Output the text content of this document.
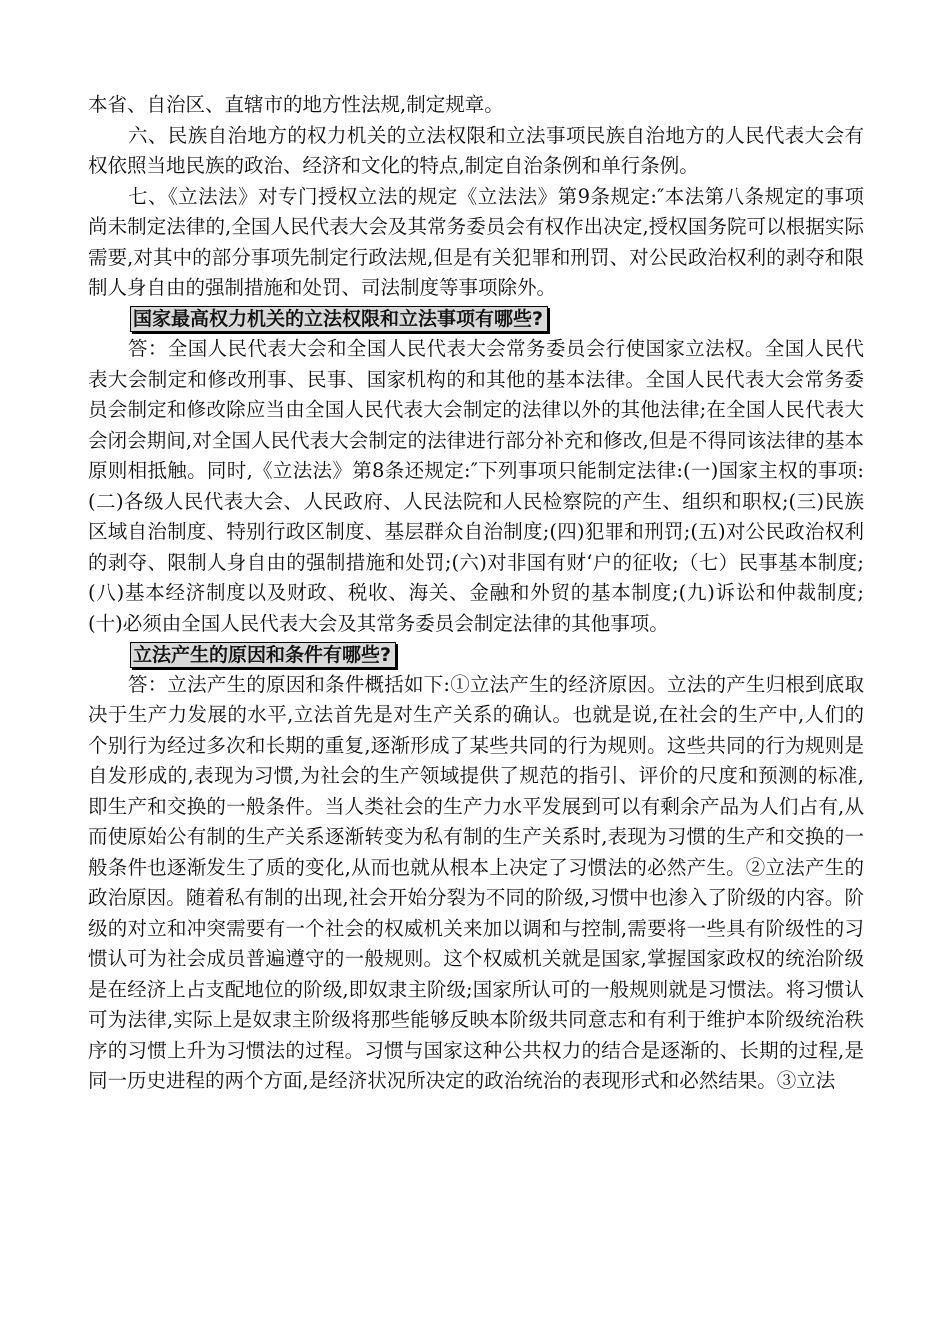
本省、自治区、直辖市的地方性法规,制定规章。

六、民族自治地方的权力机关的立法权限和立法事项民族自治地方的人民代表大会有权依照当地民族的政治、经济和文化的特点,制定自治条例和单行条例。

七、《立法法》对专门授权立法的规定《立法法》第9条规定:″本法第八条规定的事项尚未制定法律的,全国人民代表大会及其常务委员会有权作出决定,授权国务院可以根据实际需要,对其中的部分事项先制定行政法规,但是有关犯罪和刑罚、对公民政治权利的剥夺和限制人身自由的强制措施和处罚、司法制度等事项除外。

国家最高权力机关的立法权限和立法事项有哪些?

答：全国人民代表大会和全国人民代表大会常务委员会行使国家立法权。全国人民代表大会制定和修改刑事、民事、国家机构的和其他的基本法律。全国人民代表大会常务委员会制定和修改除应当由全国人民代表大会制定的法律以外的其他法律;在全国人民代表大会闭会期间,对全国人民代表大会制定的法律进行部分补充和修改,但是不得同该法律的基本原则相抵触。同时,《立法法》第8条还规定:″下列事项只能制定法律:(一)国家主权的事项:(二)各级人民代表大会、人民政府、人民法院和人民检察院的产生、组织和职权;(三)民族区域自治制度、特别行政区制度、基层群众自治制度;(四)犯罪和刑罚;(五)对公民政治权利的剥夺、限制人身自由的强制措施和处罚;(六)对非国有财‘户的征收;（七）民事基本制度;(八)基本经济制度以及财政、税收、海关、金融和外贸的基本制度;(九)诉讼和仲裁制度;(十)必须由全国人民代表大会及其常务委员会制定法律的其他事项。

立法产生的原因和条件有哪些?

答：立法产生的原因和条件概括如下:①立法产生的经济原因。立法的产生归根到底取决于生产力发展的水平,立法首先是对生产关系的确认。也就是说,在社会的生产中,人们的个别行为经过多次和长期的重复,逐渐形成了某些共同的行为规则。这些共同的行为规则是自发形成的,表现为习惯,为社会的生产领域提供了规范的指引、评价的尺度和预测的标准,即生产和交换的一般条件。当人类社会的生产力水平发展到可以有剩余产品为人们占有,从而使原始公有制的生产关系逐渐转变为私有制的生产关系时,表现为习惯的生产和交换的一般条件也逐渐发生了质的变化,从而也就从根本上决定了习惯法的必然产生。②立法产生的政治原因。随着私有制的出现,社会开始分裂为不同的阶级,习惯中也渗入了阶级的内容。阶级的对立和冲突需要有一个社会的权威机关来加以调和与控制,需要将一些具有阶级性的习惯认可为社会成员普遍遵守的一般规则。这个权威机关就是国家,掌握国家政权的统治阶级是在经济上占支配地位的阶级,即奴隶主阶级;国家所认可的一般规则就是习惯法。将习惯认可为法律,实际上是奴隶主阶级将那些能够反映本阶级共同意志和有利于维护本阶级统治秩序的习惯上升为习惯法的过程。习惯与国家这种公共权力的结合是逐渐的、长期的过程,是同一历史进程的两个方面,是经济状况所决定的政治统治的表现形式和必然结果。③立法
